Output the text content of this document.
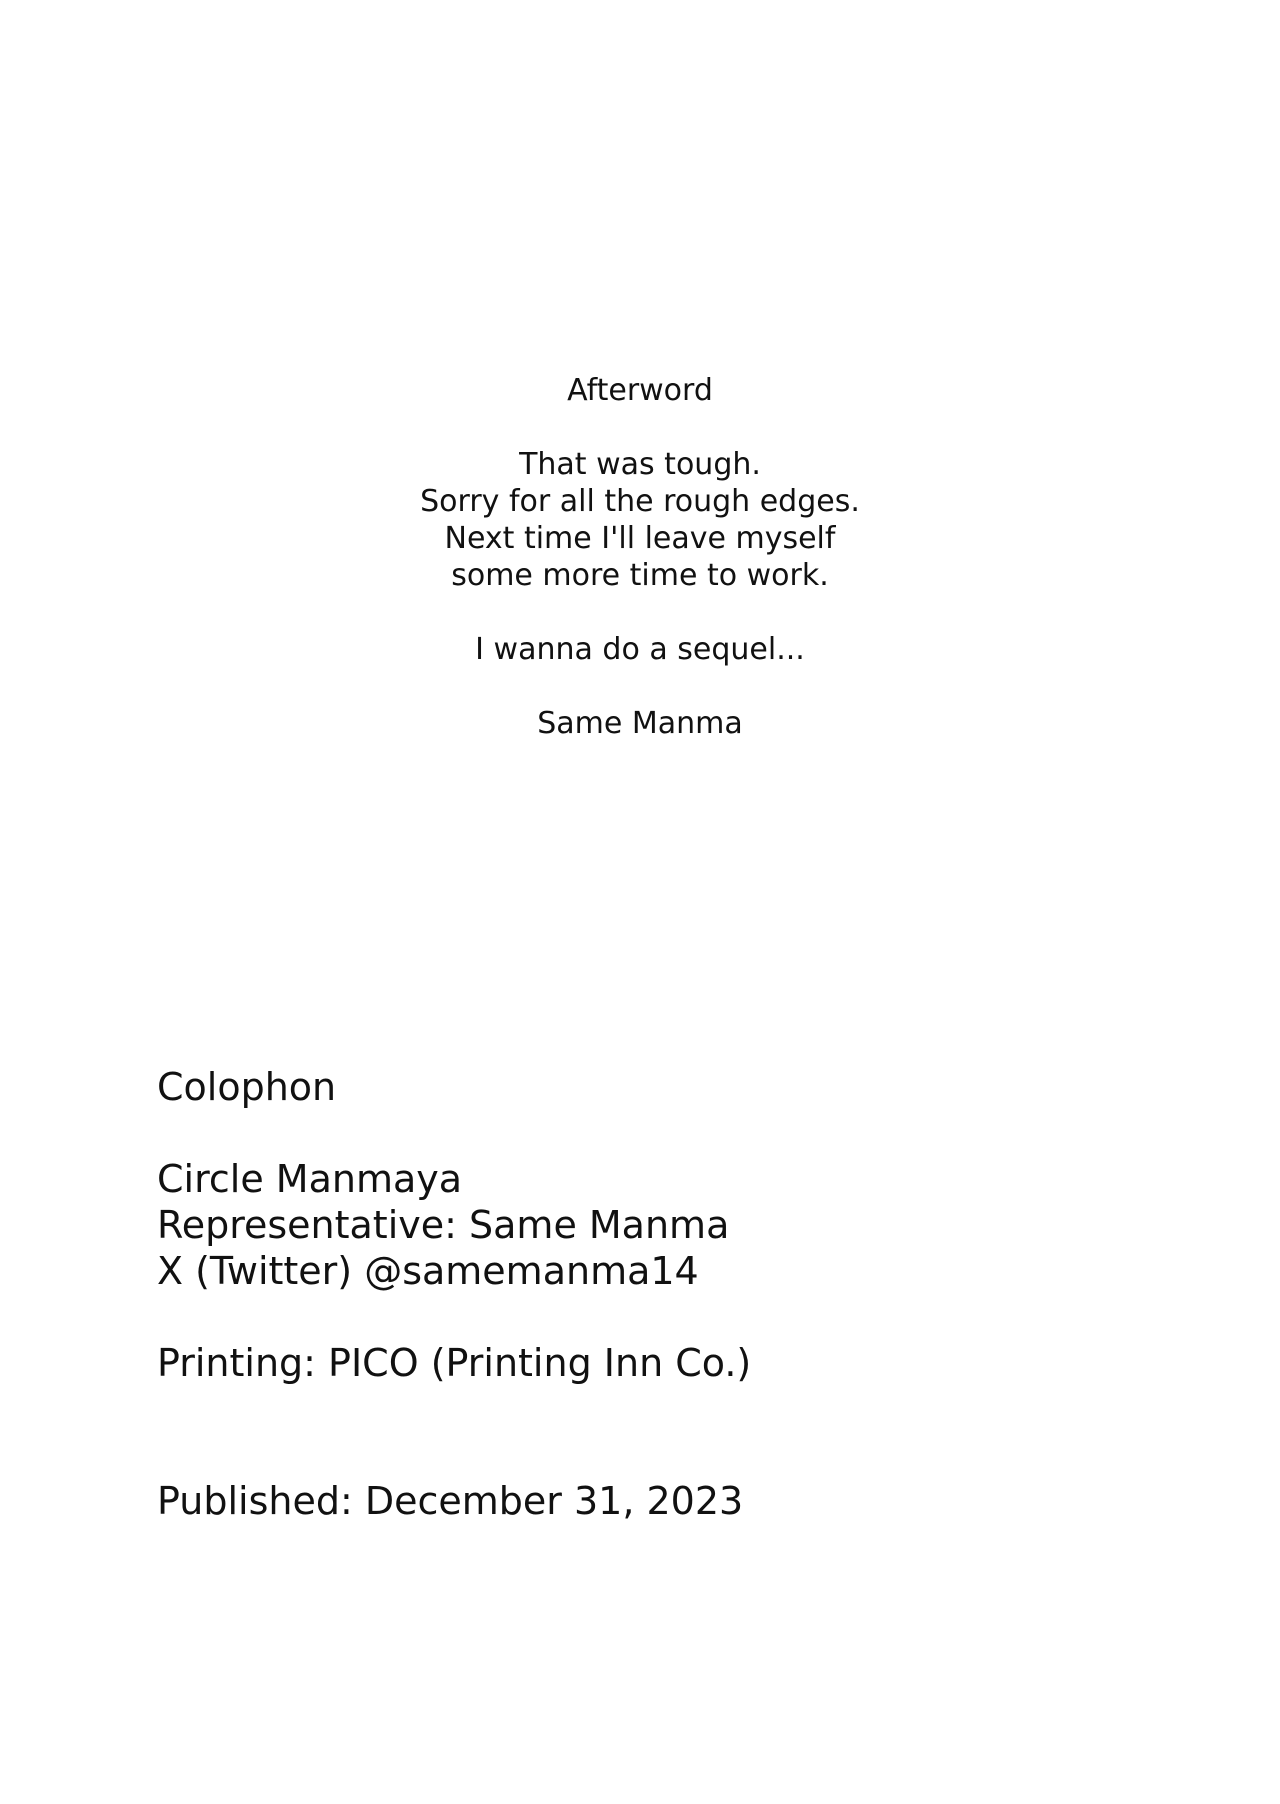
Afterword
That was tough.
Sorry for all the rough edges.
Next time I'll leave myself
some more time to work.
I wanna do a sequel...
Same Manma
Colophon
Circle Manmaya
Representative: Same Manma
X (Twitter) @samemanma14
Printing: PICO (Printing Inn Co.)
Published: December 31, 2023
